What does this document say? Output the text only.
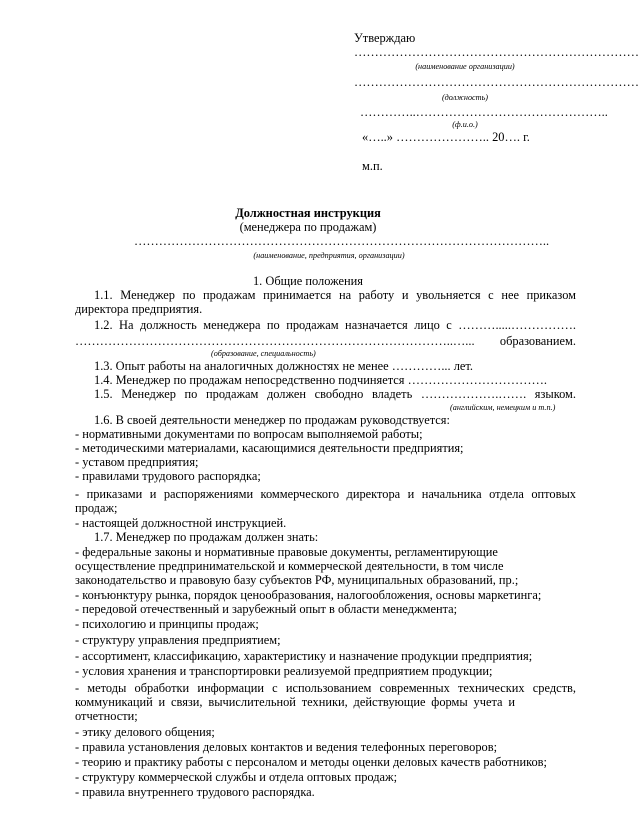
Утверждаю
……………………………………………………………
(наименование организации)
……………………………………………………………
(должность)
…………..………………………………………..
(ф.и.о.)
«…..» ………………….. 20…. г.
м.п.
Должностная инструкция
(менеджера по продажам)
………………………………………………………………………………………..
(наименование, предприятия, организации)
1. Общие положения
1.1. Менеджер по продажам принимается на работу и увольняется с нее приказом
директора предприятия.
1.2. На должность менеджера по продажам назначается лицо с ……….....…………….
………………………………………………………………………………..…... образованием.
(образование, специальность)
1.3. Опыт работы на аналогичных должностях не менее …………... лет.
1.4. Менеджер по продажам непосредственно подчиняется …………………………….
1.5. Менеджер по продажам должен свободно владеть ……………….……. языком.
(английским, немецким и т.п.)
1.6. В своей деятельности менеджер по продажам руководствуется:
- нормативными документами по вопросам выполняемой работы;
- методическими материалами, касающимися деятельности предприятия;
- уставом предприятия;
- правилами трудового распорядка;
- приказами и распоряжениями коммерческого директора и начальника отдела оптовых
продаж;
- настоящей должностной инструкцией.
1.7. Менеджер по продажам должен знать:
- федеральные законы и нормативные правовые документы, регламентирующие
осуществление предпринимательской и коммерческой деятельности, в том числе
законодательство и правовую базу субъектов РФ, муниципальных образований, пр.;
- конъюнктуру рынка, порядок ценообразования, налогообложения, основы маркетинга;
- передовой отечественный и зарубежный опыт в области менеджмента;
- психологию и принципы продаж;
- структуру управления предприятием;
- ассортимент, классификацию, характеристику и назначение продукции предприятия;
- условия хранения и транспортировки реализуемой предприятием продукции;
- методы обработки информации с использованием современных технических средств,
коммуникаций и связи, вычислительной техники, действующие формы учета и
отчетности;
- этику делового общения;
- правила установления деловых контактов и ведения телефонных переговоров;
- теорию и практику работы с персоналом и методы оценки деловых качеств работников;
- структуру коммерческой службы и отдела оптовых продаж;
- правила внутреннего трудового распорядка.
